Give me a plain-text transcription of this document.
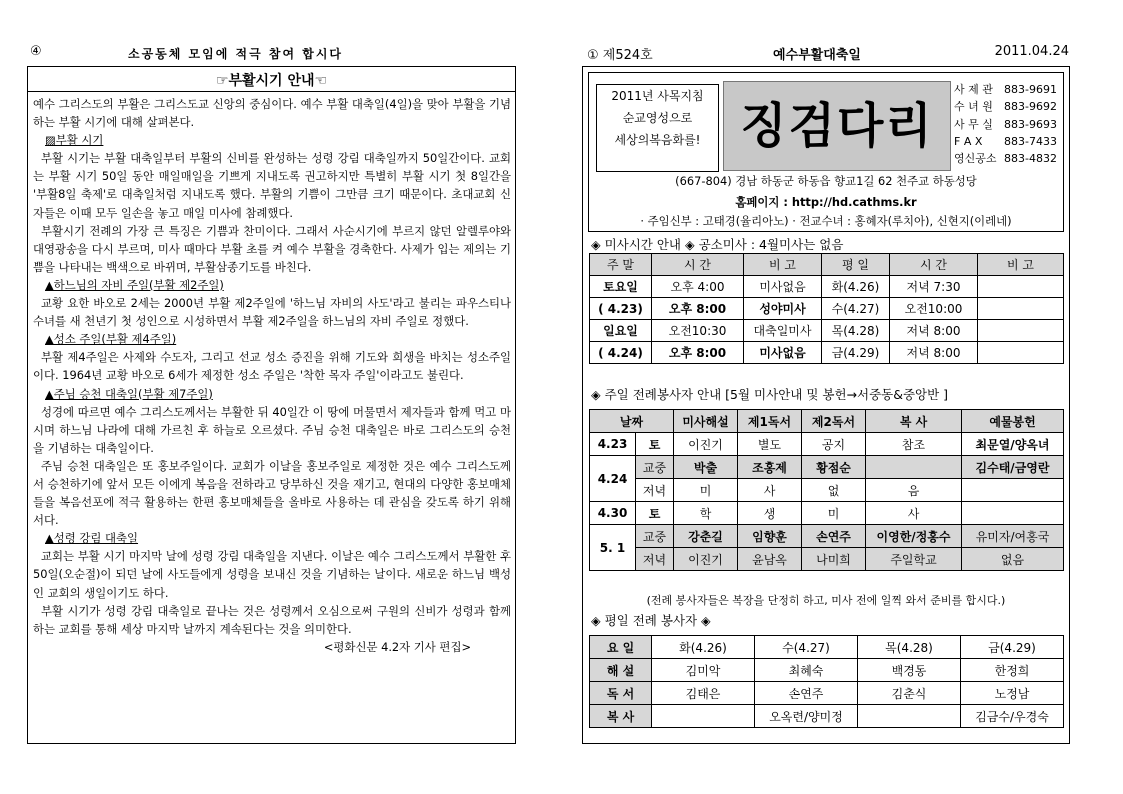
④	소공동체 모임에 적극 참여 합시다
☞부활시기 안내☜

예수 그리스도의 부활은 그리스도교 신앙의 중심이다. 예수 부활 대축일(4일)을 맞아 부활을 기념하는 부활 시기에 대해 살펴본다.

▨부활 시기

부활 시기는 부활 대축일부터 부활의 신비를 완성하는 성령 강림 대축일까지 50일간이다. 교회는 부활 시기 50일 동안 매일매일을 기쁘게 지내도록 권고하지만 특별히 부활 시기 첫 8일간을 '부활8일 축제'로 대축일처럼 지내도록 했다. 부활의 기쁨이 그만큼 크기 때문이다. 초대교회 신자들은 이때 모두 일손을 놓고 매일 미사에 참례했다.

부활시기 전례의 가장 큰 특징은 기쁨과 찬미이다. 그래서 사순시기에 부르지 않던 알렐루야와 대영광송을 다시 부르며, 미사 때마다 부활 초를 켜 예수 부활을 경축한다. 사제가 입는 제의는 기쁨을 나타내는 백색으로 바뀌며, 부활삼종기도를 바친다.

▲하느님의 자비 주일(부활 제2주일)

교황 요한 바오로 2세는 2000년 부활 제2주일에 '하느님 자비의 사도'라고 불리는 파우스티나 수녀를 새 천년기 첫 성인으로 시성하면서 부활 제2주일을 하느님의 자비 주일로 정했다.

▲성소 주일(부활 제4주일)

부활 제4주일은 사제와 수도자, 그리고 선교 성소 증진을 위해 기도와 희생을 바치는 성소주일이다. 1964년 교황 바오로 6세가 제정한 성소 주일은 '착한 목자 주일'이라고도 불린다.

▲주님 승천 대축일(부활 제7주일)

성경에 따르면 예수 그리스도께서는 부활한 뒤 40일간 이 땅에 머물면서 제자들과 함께 먹고 마시며 하느님 나라에 대해 가르친 후 하늘로 오르셨다. 주님 승천 대축일은 바로 그리스도의 승천을 기념하는 대축일이다.

주님 승천 대축일은 또 홍보주일이다. 교회가 이날을 홍보주일로 제정한 것은 예수 그리스도께서 승천하기에 앞서 모든 이에게 복음을 전하라고 당부하신 것을 재기고, 현대의 다양한 홍보매체들을 복음선포에 적극 활용하는 한편 홍보매체들을 올바로 사용하는 데 관심을 갖도록 하기 위해서다.

▲성령 강림 대축일

교회는 부활 시기 마지막 날에 성령 강림 대축일을 지낸다. 이날은 예수 그리스도께서 부활한 후 50일(오순절)이 되던 날에 사도들에게 성령을 보내신 것을 기념하는 날이다. 새로운 하느님 백성인 교회의 생일이기도 하다.

부활 시기가 성령 강림 대축일로 끝나는 것은 성령께서 오심으로써 구원의 신비가 성령과 함께하는 교회를 통해 세상 마지막 날까지 계속된다는 것을 의미한다.

<평화신문 4.2자 기사 편집>

① 제524호	예수부활대축일	2011.04.24
2011년 사목지침
순교영성으로
세상의복음화를! 징검다리
사 제 관 883-9691
수 녀 원 883-9692
사 무 실 883-9693
F A X 883-7433
영신공소 883-4832
(667-804) 경남 하동군 하동읍 향교1길 62 천주교 하동성당
홈페이지 : http://hd.cathms.kr
· 주임신부 : 고태경(율리아노) · 전교수녀 : 홍혜자(루치아), 신현지(이레네)
◈ 미사시간 안내 ◈ 공소미사 : 4월미사는 없음
주 말	시 간	비 고	평 일	시 간	비 고
토요일	오후 4:00	미사없음	화(4.26)	저녁 7:30	
( 4.23)	오후 8:00	성야미사	수(4.27)	오전10:00	
일요일	오전10:30	대축일미사	목(4.28)	저녁 8:00	
( 4.24)	오후 8:00	미사없음	금(4.29)	저녁 8:00	
◈ 주일 전례봉사자 안내 [5월 미사안내 및 봉헌→서중동&중앙반 ]
날짜		미사해설	제1독서	제2독서	복 사	예물봉헌
4.23	토	이진기	별도	공지	참조	최문열/양옥녀
4.24	교중	박출	조홍제	황점순		김수태/금영란
	저녁	미	사	없	음	
4.30	토	학	생	미	사	
5. 1	교중	강춘길	임향훈	손연주	이영한/정홍수	유미자/여홍국
	저녁	이진기	윤남옥	나미희	주일학교	없음
(전례 봉사자들은 복장을 단정히 하고, 미사 전에 일찍 와서 준비를 합시다.)
◈ 평일 전례 봉사자 ◈
요 일	화(4.26)	수(4.27)	목(4.28)	금(4.29)
해 설	김미악	최혜숙	백경동	한정희
독 서	김태은	손연주	김춘식	노정남
복 사		오옥련/양미정		김금수/우경숙
